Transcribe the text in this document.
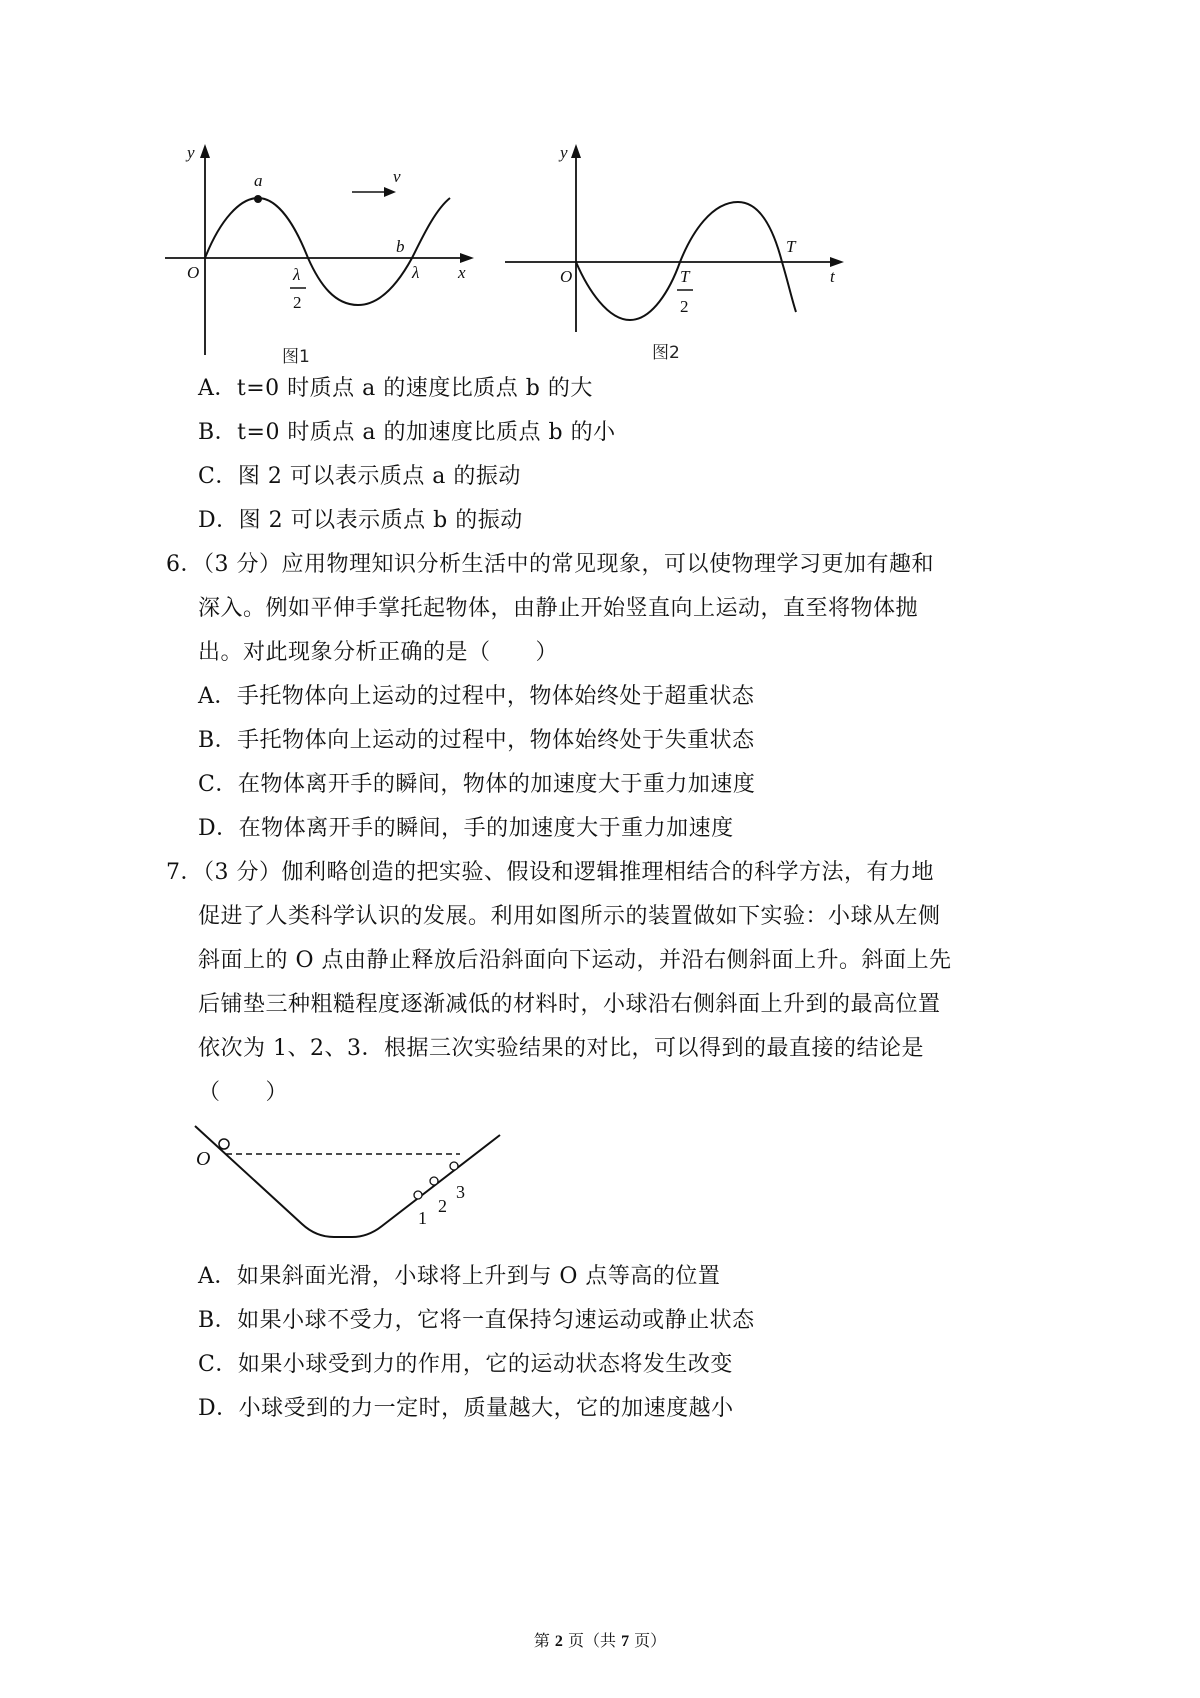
y
a	v
O	λ
2
b
λ x
图1
y
O	T
2
T
t
图2
A．t=0 时质点 a 的速度比质点 b 的大
B．t=0 时质点 a 的加速度比质点 b 的小
C．图 2 可以表示质点 a 的振动
D．图 2 可以表示质点 b 的振动
6．（3 分）应用物理知识分析生活中的常见现象，可以使物理学习更加有趣和
深入。例如平伸手掌托起物体，由静止开始竖直向上运动，直至将物体抛
出。对此现象分析正确的是（　　）
A．手托物体向上运动的过程中，物体始终处于超重状态
B．手托物体向上运动的过程中，物体始终处于失重状态
C．在物体离开手的瞬间，物体的加速度大于重力加速度
D．在物体离开手的瞬间，手的加速度大于重力加速度
7．（3 分）伽利略创造的把实验、假设和逻辑推理相结合的科学方法，有力地
促进了人类科学认识的发展。利用如图所示的装置做如下实验：小球从左侧
斜面上的 O 点由静止释放后沿斜面向下运动，并沿右侧斜面上升。斜面上先
后铺垫三种粗糙程度逐渐减低的材料时，小球沿右侧斜面上升到的最高位置
依次为 1、2、3．根据三次实验结果的对比，可以得到的最直接的结论是
（　　）
O
1
2
3
A．如果斜面光滑，小球将上升到与 O 点等高的位置
B．如果小球不受力，它将一直保持匀速运动或静止状态
C．如果小球受到力的作用，它的运动状态将发生改变
D．小球受到的力一定时，质量越大，它的加速度越小
第 2 页（共 7 页）
